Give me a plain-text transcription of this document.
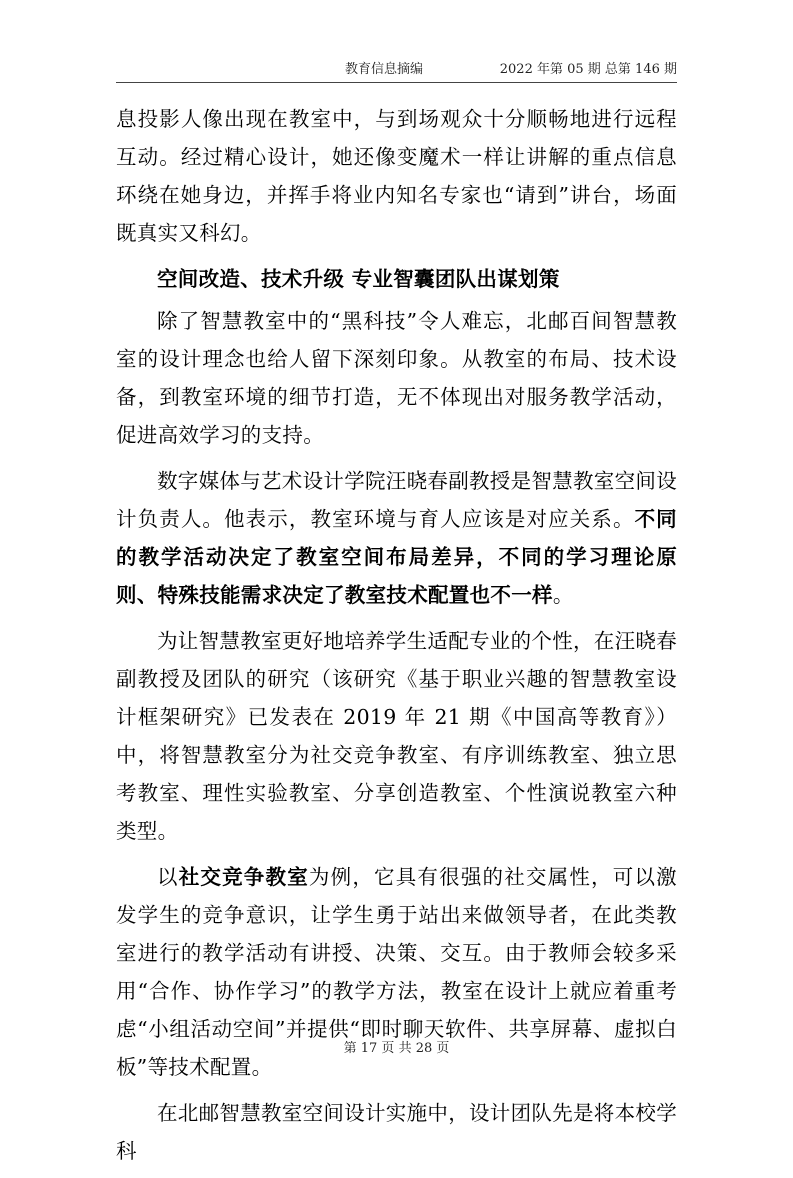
教育信息摘编	2022 年第 05 期 总第 146 期

息投影人像出现在教室中，与到场观众十分顺畅地进行远程互动。经过精心设计，她还像变魔术一样让讲解的重点信息环绕在她身边，并挥手将业内知名专家也“请到”讲台，场面既真实又科幻。

空间改造、技术升级 专业智囊团队出谋划策

除了智慧教室中的“黑科技”令人难忘，北邮百间智慧教室的设计理念也给人留下深刻印象。从教室的布局、技术设备，到教室环境的细节打造，无不体现出对服务教学活动，促进高效学习的支持。

数字媒体与艺术设计学院汪晓春副教授是智慧教室空间设计负责人。他表示，教室环境与育人应该是对应关系。不同的教学活动决定了教室空间布局差异，不同的学习理论原则、特殊技能需求决定了教室技术配置也不一样。

为让智慧教室更好地培养学生适配专业的个性，在汪晓春副教授及团队的研究（该研究《基于职业兴趣的智慧教室设计框架研究》已发表在 2019 年 21 期《中国高等教育》）中，将智慧教室分为社交竞争教室、有序训练教室、独立思考教室、理性实验教室、分享创造教室、个性演说教室六种类型。

以社交竞争教室为例，它具有很强的社交属性，可以激发学生的竞争意识，让学生勇于站出来做领导者，在此类教室进行的教学活动有讲授、决策、交互。由于教师会较多采用“合作、协作学习”的教学方法，教室在设计上就应着重考虑“小组活动空间”并提供“即时聊天软件、共享屏幕、虚拟白板”等技术配置。

在北邮智慧教室空间设计实施中，设计团队先是将本校学科

第 17 页 共 28 页
